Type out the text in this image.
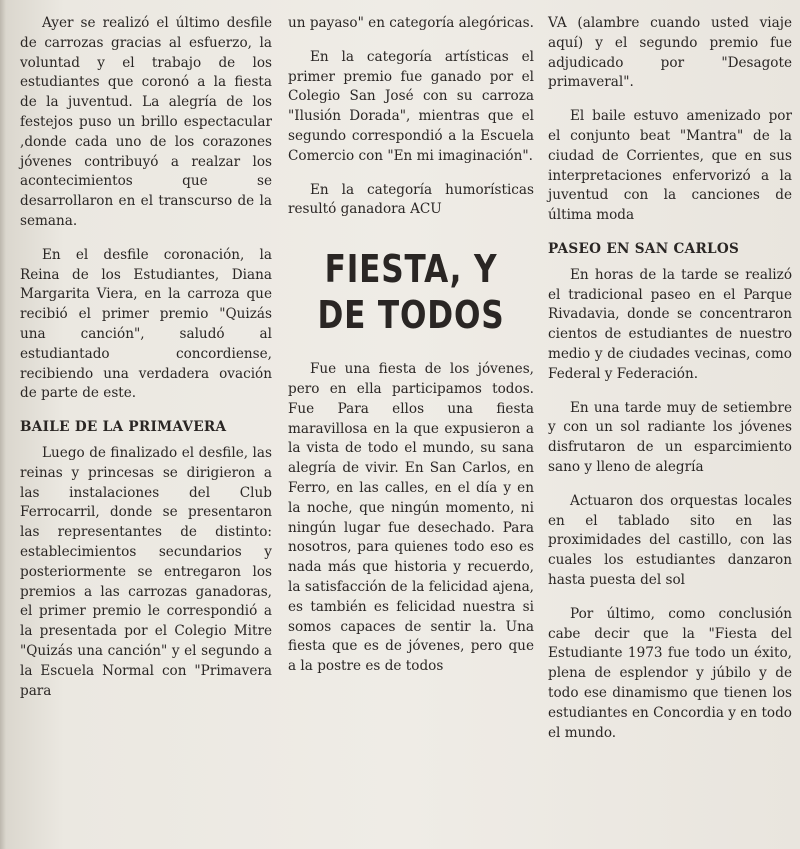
Ayer se realizó el último desfile de carrozas gracias al esfuerzo, la voluntad y el trabajo de los estudiantes que coronó a la fiesta de la juventud. La alegría de los festejos puso un brillo espectacular ,donde cada uno de los corazones jóvenes contribuyó a realzar los acontecimientos que se desarrollaron en el transcurso de la semana.

En el desfile coronación, la Reina de los Estudiantes, Diana Margarita Viera, en la carroza que recibió el primer premio "Quizás una canción", saludó al estudiantado concordiense, recibiendo una verdadera ovación de parte de este.

BAILE DE LA PRIMAVERA

Luego de finalizado el desfile, las reinas y princesas se dirigieron a las instalaciones del Club Ferrocarril, donde se presentaron las representantes de distinto: establecimientos secundarios y posteriormente se entregaron los premios a las carrozas ganadoras, el primer premio le correspondió a la presentada por el Colegio Mitre "Quizás una canción" y el segundo a la Escuela Normal con "Primavera para

un payaso" en categoría alegóricas.

En la categoría artísticas el primer premio fue ganado por el Colegio San José con su carroza "Ilusión Dorada", mientras que el segundo correspondió a la Escuela Comercio con "En mi imaginación".

En la categoría humorísticas resultó ganadora ACU

FIESTA, Y
DE TODOS

Fue una fiesta de los jóvenes, pero en ella participamos todos. Fue Para ellos una fiesta maravillosa en la que expusieron a la vista de todo el mundo, su sana alegría de vivir. En San Carlos, en Ferro, en las calles, en el día y en la noche, que ningún momento, ni ningún lugar fue desechado. Para nosotros, para quienes todo eso es nada más que historia y recuerdo, la satisfacción de la felicidad ajena, es también es felicidad nuestra si somos capaces de sentir la. Una fiesta que es de jóvenes, pero que a la postre es de todos

VA (alambre cuando usted viaje aquí) y el segundo premio fue adjudicado por "Desagote primaveral".

El baile estuvo amenizado por el conjunto beat "Mantra" de la ciudad de Corrientes, que en sus interpretaciones enfervorizó a la juventud con la canciones de última moda

PASEO EN SAN CARLOS

En horas de la tarde se realizó el tradicional paseo en el Parque Rivadavia, donde se concentraron cientos de estudiantes de nuestro medio y de ciudades vecinas, como Federal y Federación.

En una tarde muy de setiembre y con un sol radiante los jóvenes disfrutaron de un esparcimiento sano y lleno de alegría

Actuaron dos orquestas locales en el tablado sito en las proximidades del castillo, con las cuales los estudiantes danzaron hasta puesta del sol

Por último, como conclusión cabe decir que la "Fiesta del Estudiante 1973 fue todo un éxito, plena de esplendor y júbilo y de todo ese dinamismo que tienen los estudiantes en Concordia y en todo el mundo.
